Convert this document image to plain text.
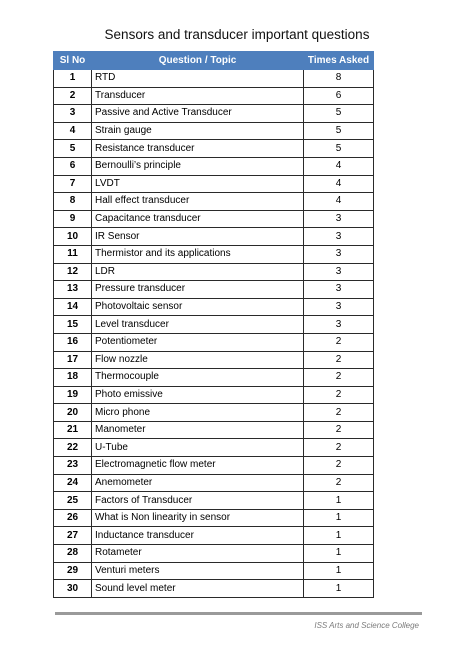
Sensors and transducer important questions
Sl No	Question / Topic	Times Asked
1	RTD	8
2	Transducer	6
3	Passive and Active Transducer	5
4	Strain gauge	5
5	Resistance transducer	5
6	Bernoulli’s principle	4
7	LVDT	4
8	Hall effect transducer	4
9	Capacitance transducer	3
10	IR Sensor	3
11	Thermistor and its applications	3
12	LDR	3
13	Pressure transducer	3
14	Photovoltaic sensor	3
15	Level transducer	3
16	Potentiometer	2
17	Flow nozzle	2
18	Thermocouple	2
19	Photo emissive	2
20	Micro phone	2
21	Manometer	2
22	U-Tube	2
23	Electromagnetic flow meter	2
24	Anemometer	2
25	Factors of Transducer	1
26	What is Non linearity in sensor	1
27	Inductance transducer	1
28	Rotameter	1
29	Venturi meters	1
30	Sound level meter	1
ISS Arts and Science College
